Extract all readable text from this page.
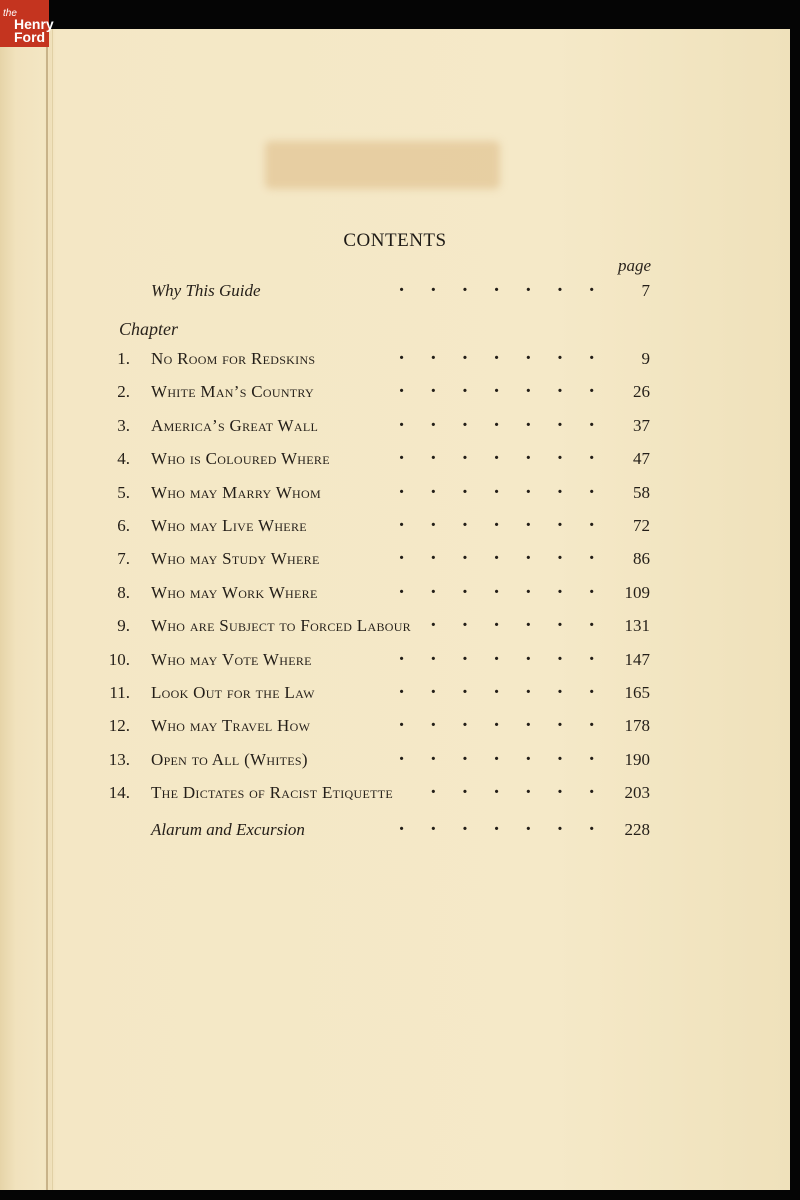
CONTENTS
page
Why This Guide	·······	7
Chapter
1. No Room for Redskins	·······	9
2. White Man’s Country	······· 26
3. America’s Great Wall	······· 37
4. Who is Coloured Where	······· 47
5. Who may Marry Whom	······· 58
6. Who may Live Where	······· 72
7. Who may Study Where	······· 86
8. Who may Work Where	······· 109
9. Who are Subject to Forced Labour ······ 131
10. Who may Vote Where	······· 147
11. Look Out for the Law	······· 165
12. Who may Travel How	······· 178
13. Open to All (Whites)	······· 190
14. The Dictates of Racist Etiquette ······ 203
Alarum and Excursion	······· 228
the
Henry
Ford
